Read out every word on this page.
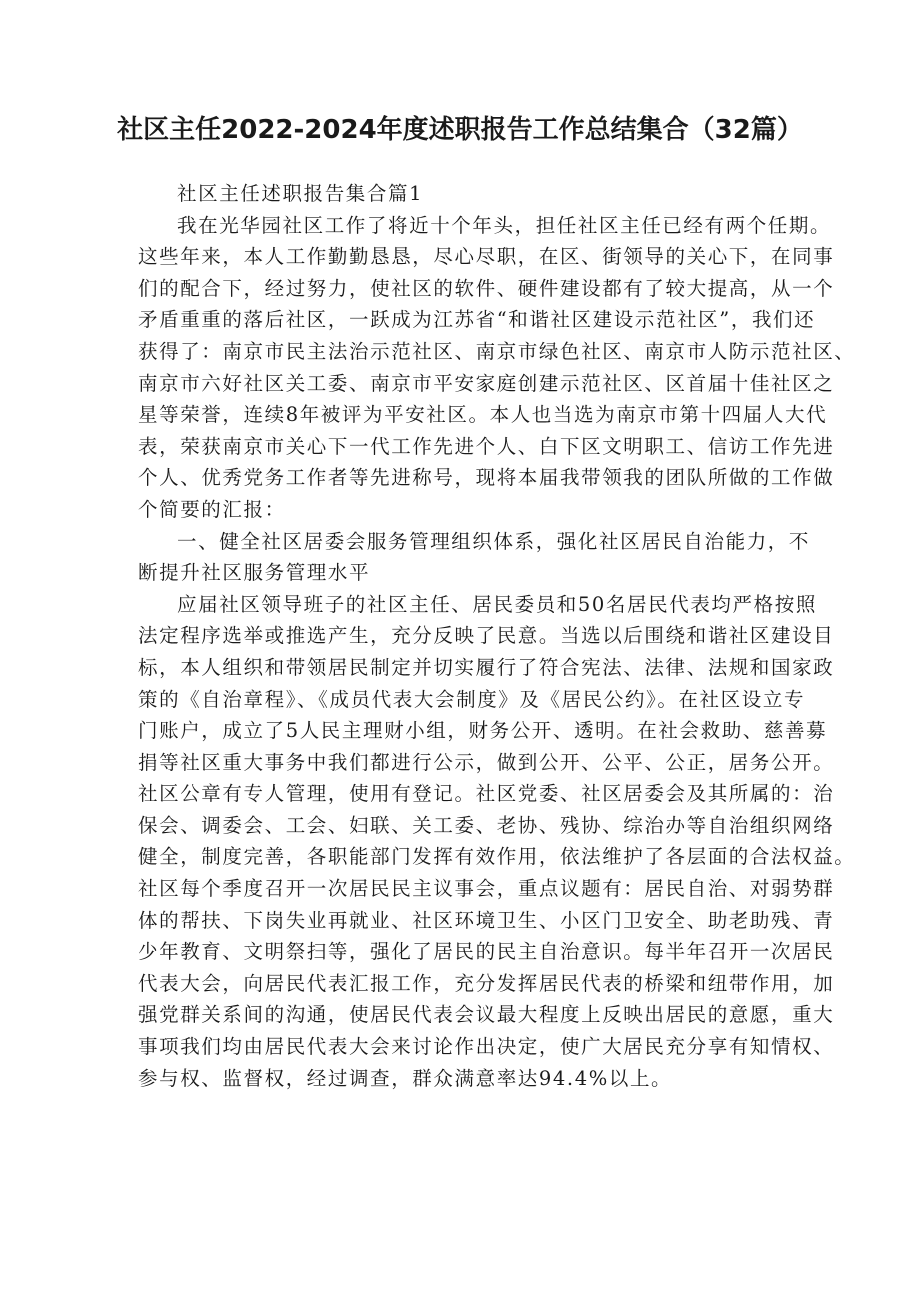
社区主任2022-2024年度述职报告工作总结集合（32篇）
社区主任述职报告集合篇1
我在光华园社区工作了将近十个年头，担任社区主任已经有两个任期。
这些年来，本人工作勤勤恳恳，尽心尽职，在区、街领导的关心下，在同事
们的配合下，经过努力，使社区的软件、硬件建设都有了较大提高，从一个
矛盾重重的落后社区，一跃成为江苏省“和谐社区建设示范社区”，我们还
获得了：南京市民主法治示范社区、南京市绿色社区、南京市人防示范社区、
南京市六好社区关工委、南京市平安家庭创建示范社区、区首届十佳社区之
星等荣誉，连续8年被评为平安社区。本人也当选为南京市第十四届人大代
表，荣获南京市关心下一代工作先进个人、白下区文明职工、信访工作先进
个人、优秀党务工作者等先进称号，现将本届我带领我的团队所做的工作做
个简要的汇报：
一、健全社区居委会服务管理组织体系，强化社区居民自治能力，不
断提升社区服务管理水平
应届社区领导班子的社区主任、居民委员和50名居民代表均严格按照
法定程序选举或推选产生，充分反映了民意。当选以后围绕和谐社区建设目
标，本人组织和带领居民制定并切实履行了符合宪法、法律、法规和国家政
策的《自治章程》、《成员代表大会制度》及《居民公约》。在社区设立专
门账户，成立了5人民主理财小组，财务公开、透明。在社会救助、慈善募
捐等社区重大事务中我们都进行公示，做到公开、公平、公正，居务公开。
社区公章有专人管理，使用有登记。社区党委、社区居委会及其所属的：治
保会、调委会、工会、妇联、关工委、老协、残协、综治办等自治组织网络
健全，制度完善，各职能部门发挥有效作用，依法维护了各层面的合法权益。
社区每个季度召开一次居民民主议事会，重点议题有：居民自治、对弱势群
体的帮扶、下岗失业再就业、社区环境卫生、小区门卫安全、助老助残、青
少年教育、文明祭扫等，强化了居民的民主自治意识。每半年召开一次居民
代表大会，向居民代表汇报工作，充分发挥居民代表的桥梁和纽带作用，加
强党群关系间的沟通，使居民代表会议最大程度上反映出居民的意愿，重大
事项我们均由居民代表大会来讨论作出决定，使广大居民充分享有知情权、
参与权、监督权，经过调查，群众满意率达94.4%以上。
